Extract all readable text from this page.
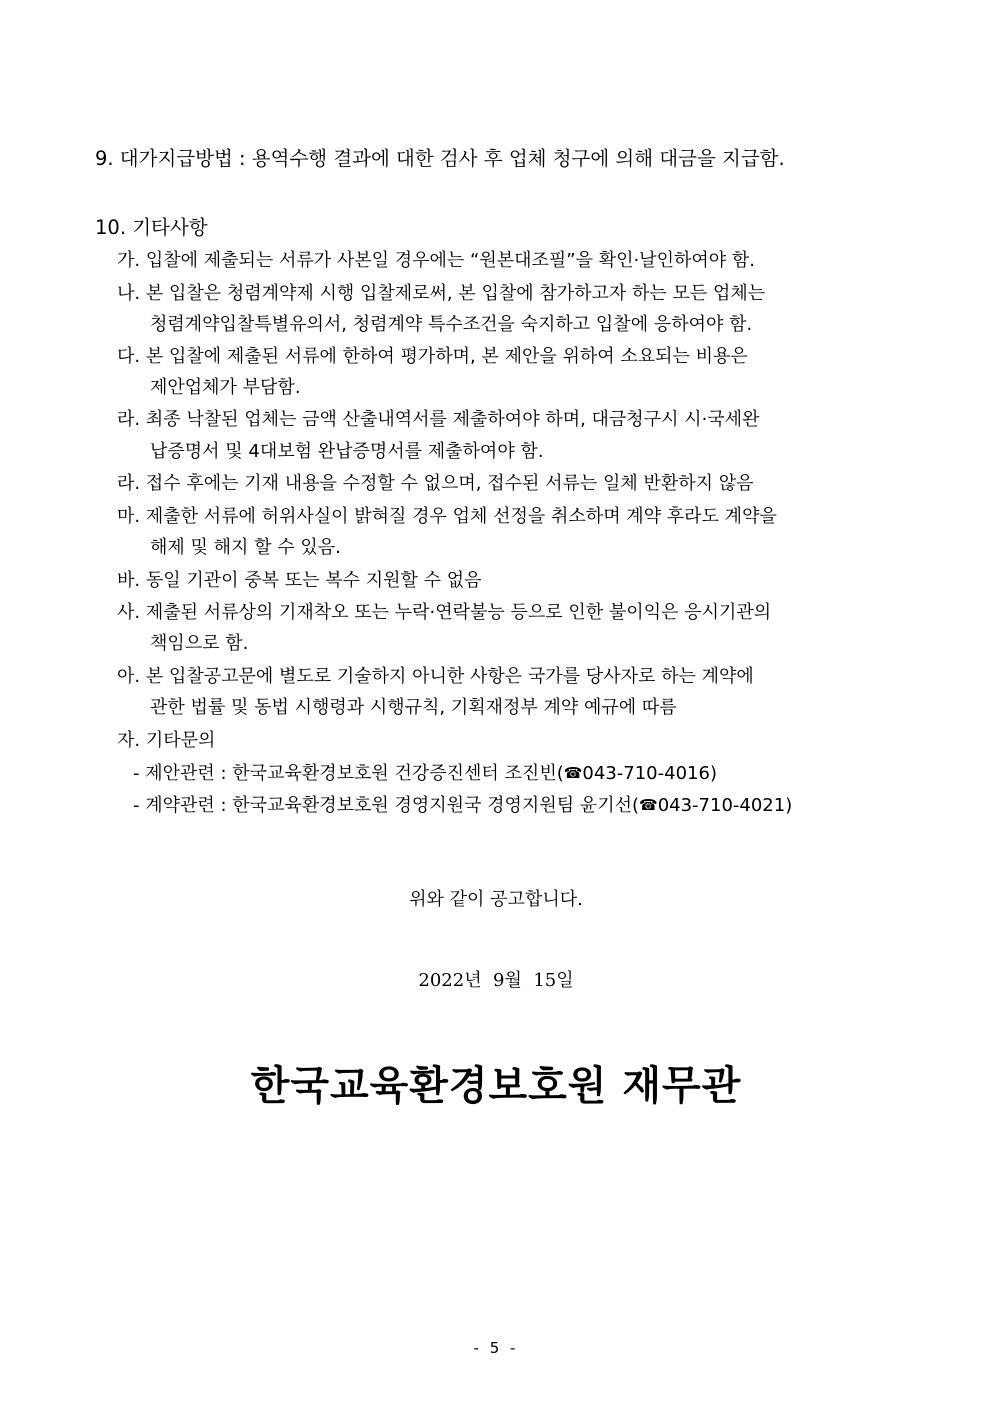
9. 대가지급방법 : 용역수행 결과에 대한 검사 후 업체 청구에 의해 대금을 지급함.
10. 기타사항
가. 입찰에 제출되는 서류가 사본일 경우에는 “원본대조필”을 확인·날인하여야 함.
나. 본 입찰은 청렴계약제 시행 입찰제로써, 본 입찰에 참가하고자 하는 모든 업체는
청렴계약입찰특별유의서, 청렴계약 특수조건을 숙지하고 입찰에 응하여야 함.
다. 본 입찰에 제출된 서류에 한하여 평가하며, 본 제안을 위하여 소요되는 비용은
제안업체가 부담함.
라. 최종 낙찰된 업체는 금액 산출내역서를 제출하여야 하며, 대금청구시 시·국세완
납증명서 및 4대보험 완납증명서를 제출하여야 함.
라. 접수 후에는 기재 내용을 수정할 수 없으며, 접수된 서류는 일체 반환하지 않음
마. 제출한 서류에 허위사실이 밝혀질 경우 업체 선정을 취소하며 계약 후라도 계약을
해제 및 해지 할 수 있음.
바. 동일 기관이 중복 또는 복수 지원할 수 없음
사. 제출된 서류상의 기재착오 또는 누락·연락불능 등으로 인한 불이익은 응시기관의
책임으로 함.
아. 본 입찰공고문에 별도로 기술하지 아니한 사항은 국가를 당사자로 하는 계약에
관한 법률 및 동법 시행령과 시행규칙, 기획재정부 계약 예규에 따름
자. 기타문의
- 제안관련 : 한국교육환경보호원 건강증진센터 조진빈(☎043-710-4016)
- 계약관련 : 한국교육환경보호원 경영지원국 경영지원팀 윤기선(☎043-710-4021)
위와 같이 공고합니다.
2022년  9월  15일
한국교육환경보호원 재무관
- 5 -
